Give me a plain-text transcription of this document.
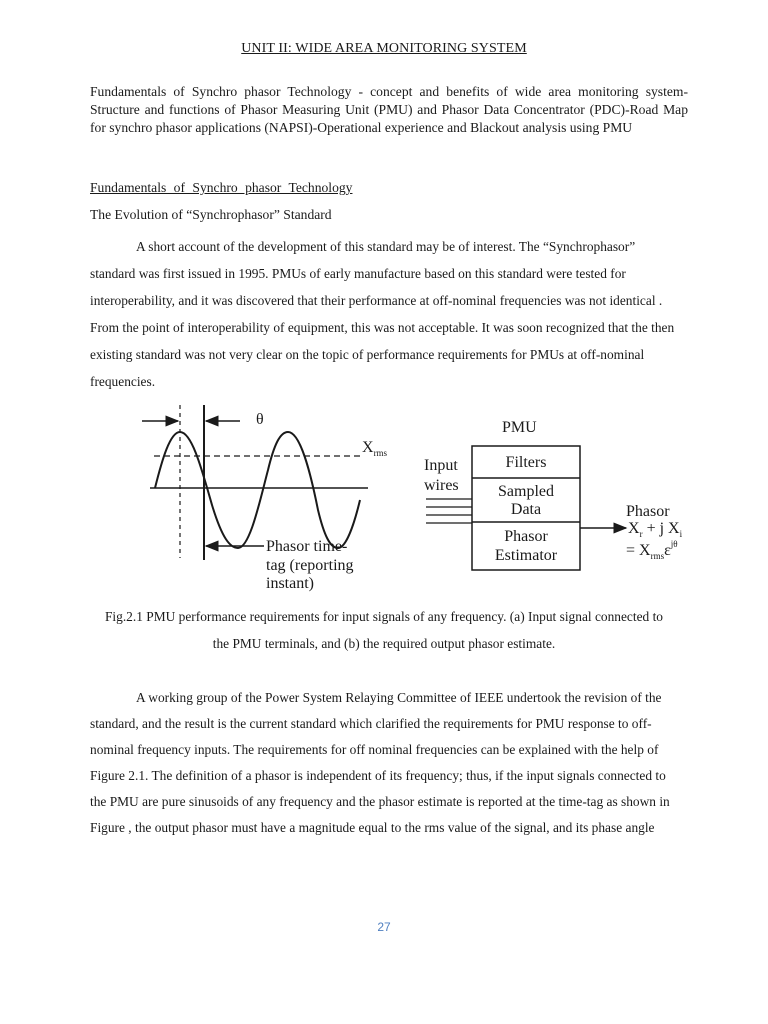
UNIT II: WIDE AREA MONITORING SYSTEM
Fundamentals of Synchro phasor Technology - concept and benefits of wide area monitoring system-Structure and functions of Phasor Measuring Unit (PMU) and Phasor Data Concentrator (PDC)-Road Map for synchro phasor applications (NAPSI)-Operational experience and Blackout analysis using PMU
Fundamentals of Synchro phasor Technology
The Evolution of “Synchrophasor” Standard
A short account of the development of this standard may be of interest. The “Synchrophasor” standard was first issued in 1995. PMUs of early manufacture based on this standard were tested for interoperability, and it was discovered that their performance at off-nominal frequencies was not identical . From the point of interoperability of equipment, this was not acceptable. It was soon recognized that the then existing standard was not very clear on the topic of performance requirements for PMUs at off-nominal frequencies.
θ
$X_{rms}$
Phasor time-
tag (reporting
instant)
PMU
Filters
Sampled
Data
Phasor
Estimator
Input
wires
Phasor
$X_r + j$ $X_i$
= $X_{rms}\varepsilon^{j\theta}$
Fig.2.1 PMU performance requirements for input signals of any frequency. (a) Input signal connected to the PMU terminals, and (b) the required output phasor estimate.
A working group of the Power System Relaying Committee of IEEE undertook the revision of the standard, and the result is the current standard which clarified the requirements for PMU response to off-nominal frequency inputs. The requirements for off nominal frequencies can be explained with the help of Figure 2.1. The definition of a phasor is independent of its frequency; thus, if the input signals connected to the PMU are pure sinusoids of any frequency and the phasor estimate is reported at the time-tag as shown in Figure , the output phasor must have a magnitude equal to the rms value of the signal, and its phase angle
27
